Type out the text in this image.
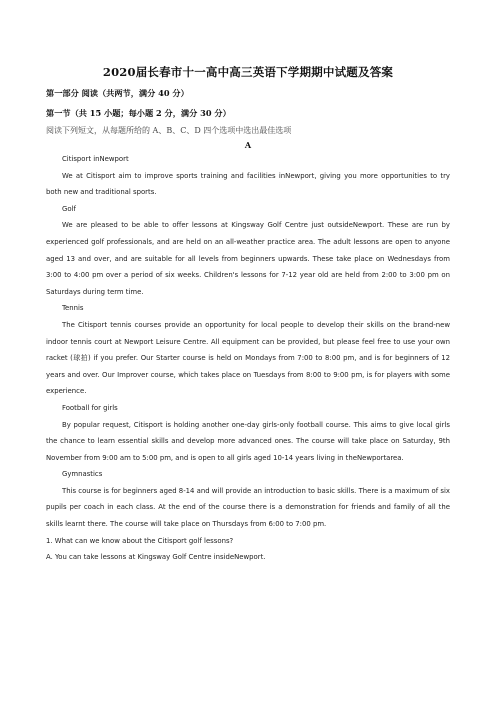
2020届长春市十一高中高三英语下学期期中试题及答案
第一部分 阅读（共两节，满分 40 分）
第一节（共 15 小题；每小题 2 分，满分 30 分）
阅读下列短文，从每题所给的 A、B、C、D 四个选项中选出最佳选项
A

Citisport inNewport

We at Citisport aim to improve sports training and facilities inNewport, giving you more opportunities to try both new and traditional sports.

Golf

We are pleased to be able to offer lessons at Kingsway Golf Centre just outsideNewport. These are run by experienced golf professionals, and are held on an all-weather practice area. The adult lessons are open to anyone aged 13 and over, and are suitable for all levels from beginners upwards. These take place on Wednesdays from 3:00 to 4:00 pm over a period of six weeks. Children's lessons for 7-12 year old are held from 2:00 to 3:00 pm on Saturdays during term time.

Tennis

The Citisport tennis courses provide an opportunity for local people to develop their skills on the brand-new indoor tennis court at Newport Leisure Centre. All equipment can be provided, but please feel free to use your own racket (球拍) if you prefer. Our Starter course is held on Mondays from 7:00 to 8:00 pm, and is for beginners of 12 years and over. Our Improver course, which takes place on Tuesdays from 8:00 to 9:00 pm, is for players with some experience.

Football for girls

By popular request, Citisport is holding another one-day girls-only football course. This aims to give local girls the chance to learn essential skills and develop more advanced ones. The course will take place on Saturday, 9th November from 9:00 am to 5:00 pm, and is open to all girls aged 10-14 years living in theNewportarea.

Gymnastics

This course is for beginners aged 8-14 and will provide an introduction to basic skills. There is a maximum of six pupils per coach in each class. At the end of the course there is a demonstration for friends and family of all the skills learnt there. The course will take place on Thursdays from 6:00 to 7:00 pm.

1. What can we know about the Citisport golf lessons?

A. You can take lessons at Kingsway Golf Centre insideNewport.
